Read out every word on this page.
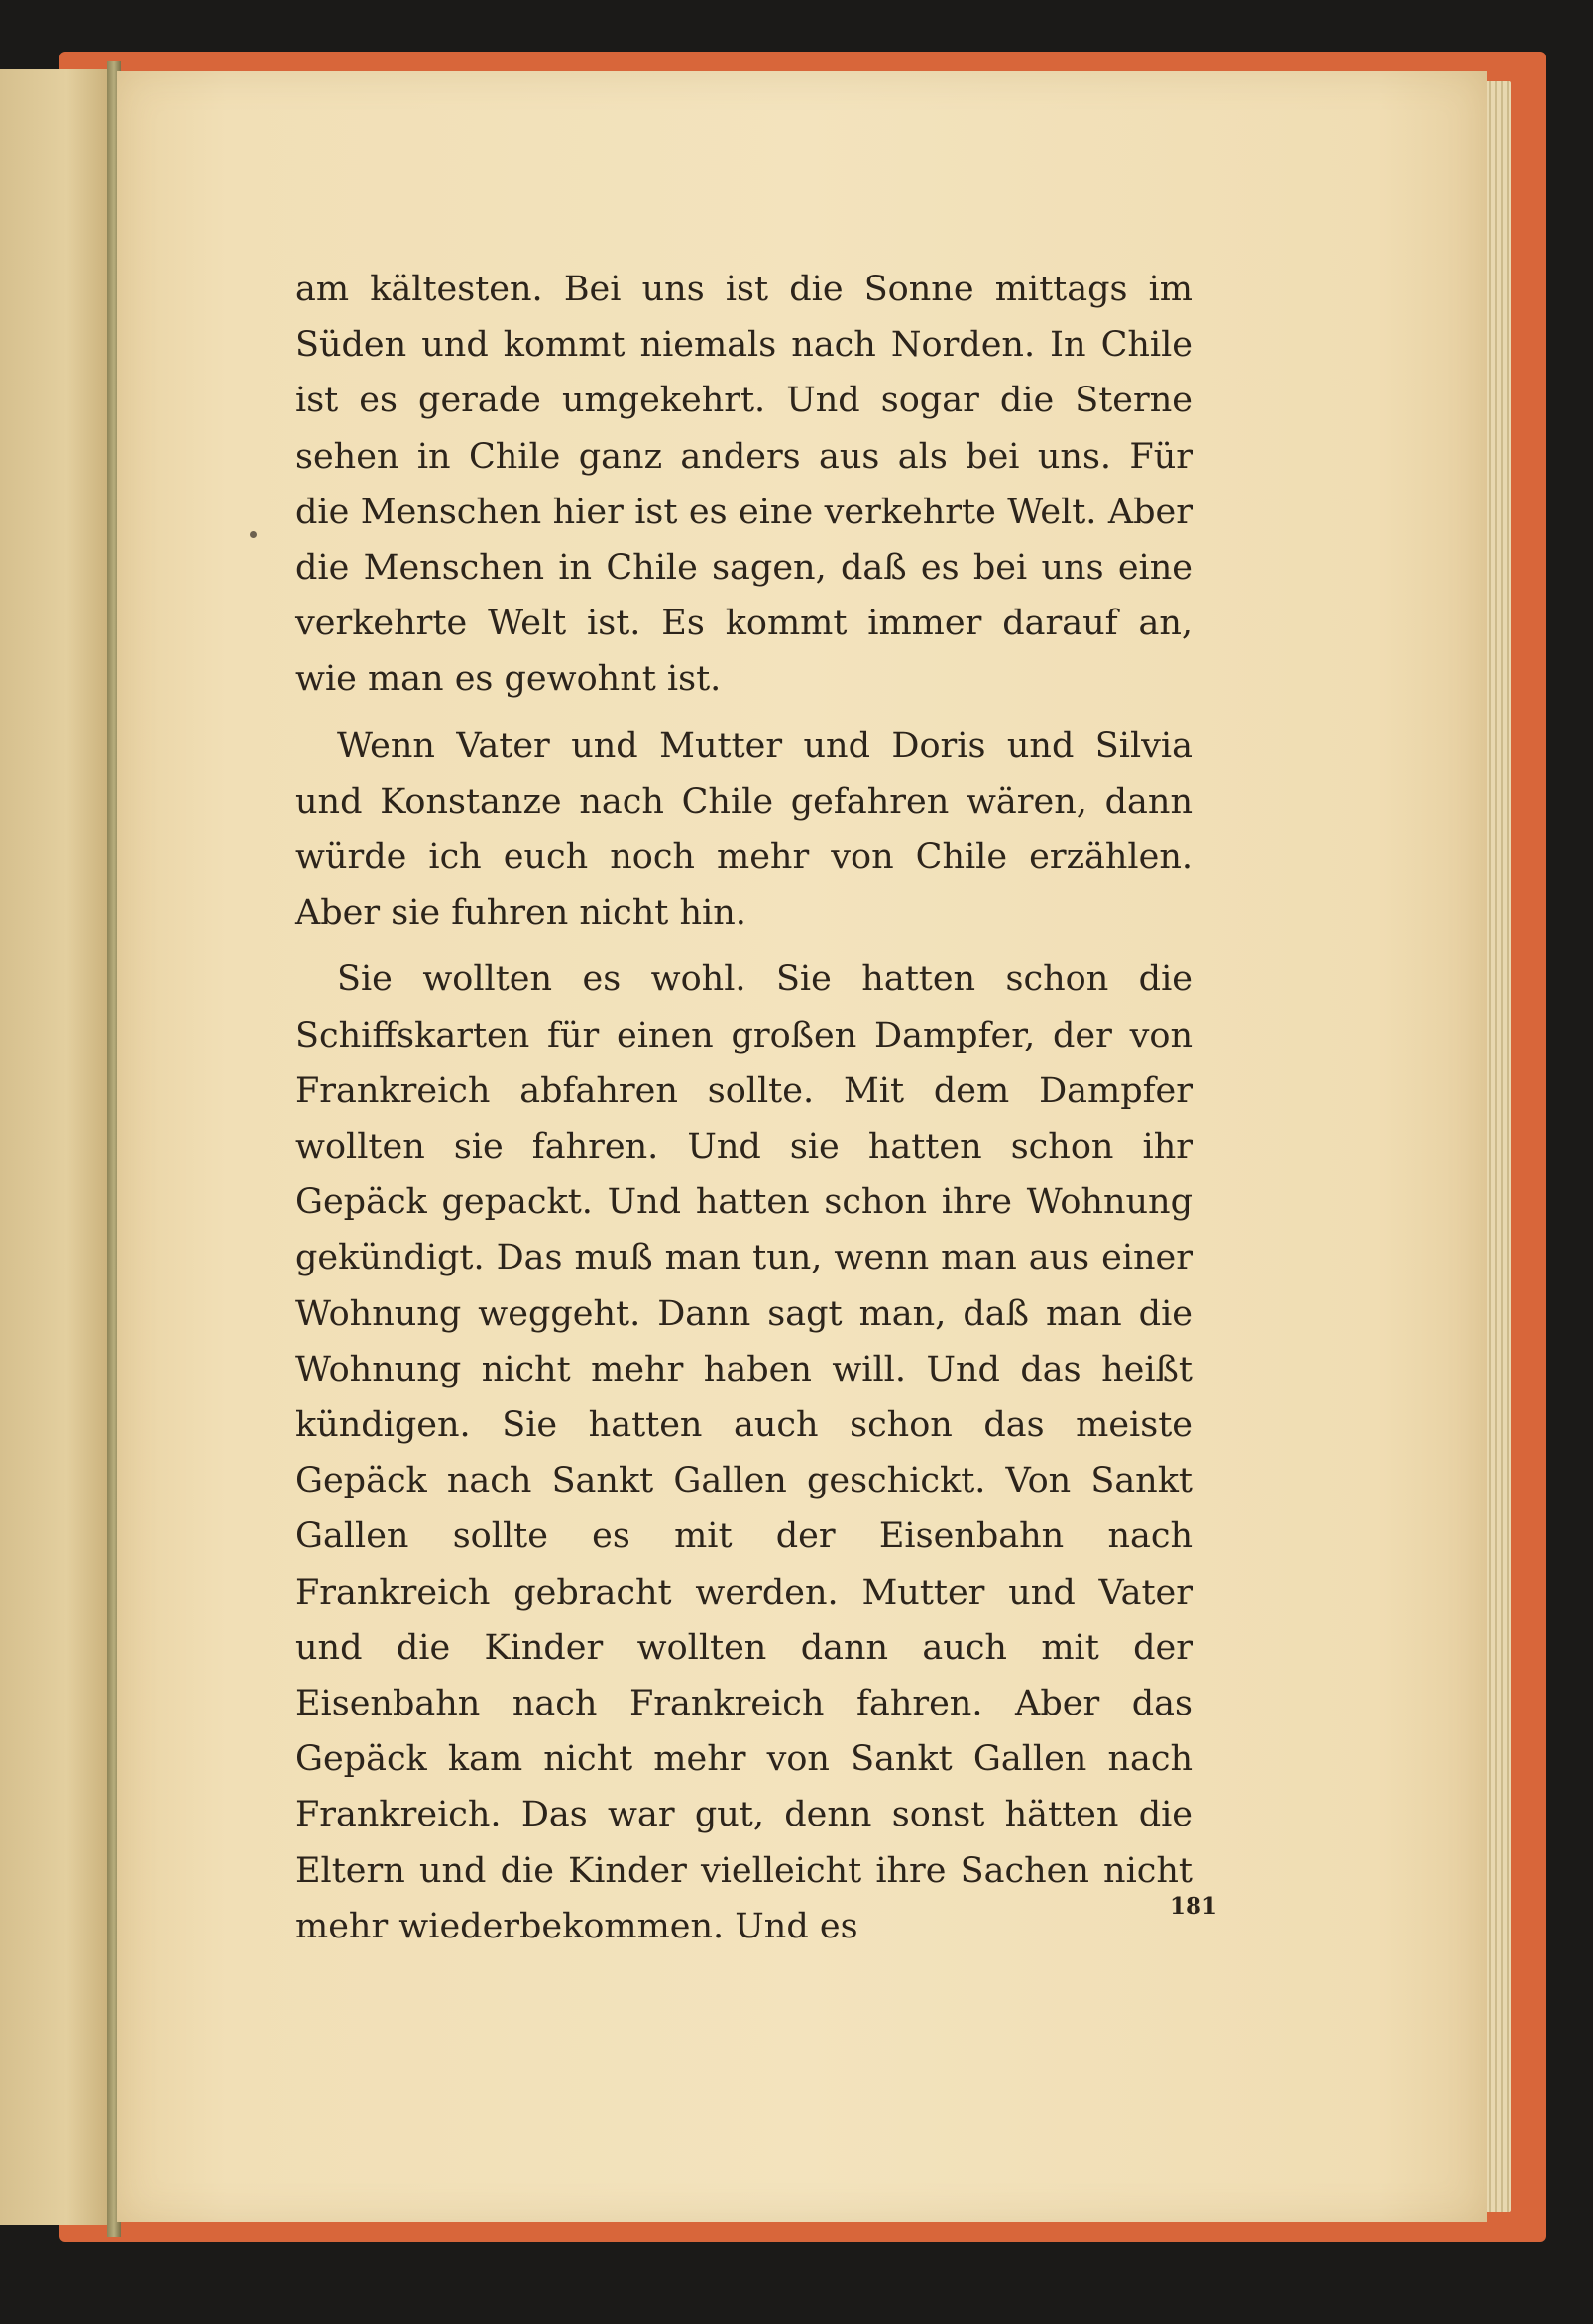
am kältesten. Bei uns ist die Sonne mittags im Süden und kommt niemals nach Norden. In Chile ist es gerade umgekehrt. Und sogar die Sterne sehen in Chile ganz anders aus als bei uns. Für die Menschen hier ist es eine verkehrte Welt. Aber die Menschen in Chile sagen, daß es bei uns eine verkehrte Welt ist. Es kommt immer darauf an, wie man es gewohnt ist.

Wenn Vater und Mutter und Doris und Silvia und Konstanze nach Chile gefahren wären, dann würde ich euch noch mehr von Chile erzählen. Aber sie fuhren nicht hin.

Sie wollten es wohl. Sie hatten schon die Schiffskarten für einen großen Dampfer, der von Frankreich abfahren sollte. Mit dem Dampfer wollten sie fahren. Und sie hatten schon ihr Gepäck gepackt. Und hatten schon ihre Wohnung gekündigt. Das muß man tun, wenn man aus einer Wohnung weggeht. Dann sagt man, daß man die Wohnung nicht mehr haben will. Und das heißt kündigen. Sie hatten auch schon das meiste Gepäck nach Sankt Gallen geschickt. Von Sankt Gallen sollte es mit der Eisenbahn nach Frankreich gebracht werden. Mutter und Vater und die Kinder wollten dann auch mit der Eisenbahn nach Frankreich fahren. Aber das Gepäck kam nicht mehr von Sankt Gallen nach Frankreich. Das war gut, denn sonst hätten die Eltern und die Kinder vielleicht ihre Sachen nicht mehr wiederbekommen. Und es

181
